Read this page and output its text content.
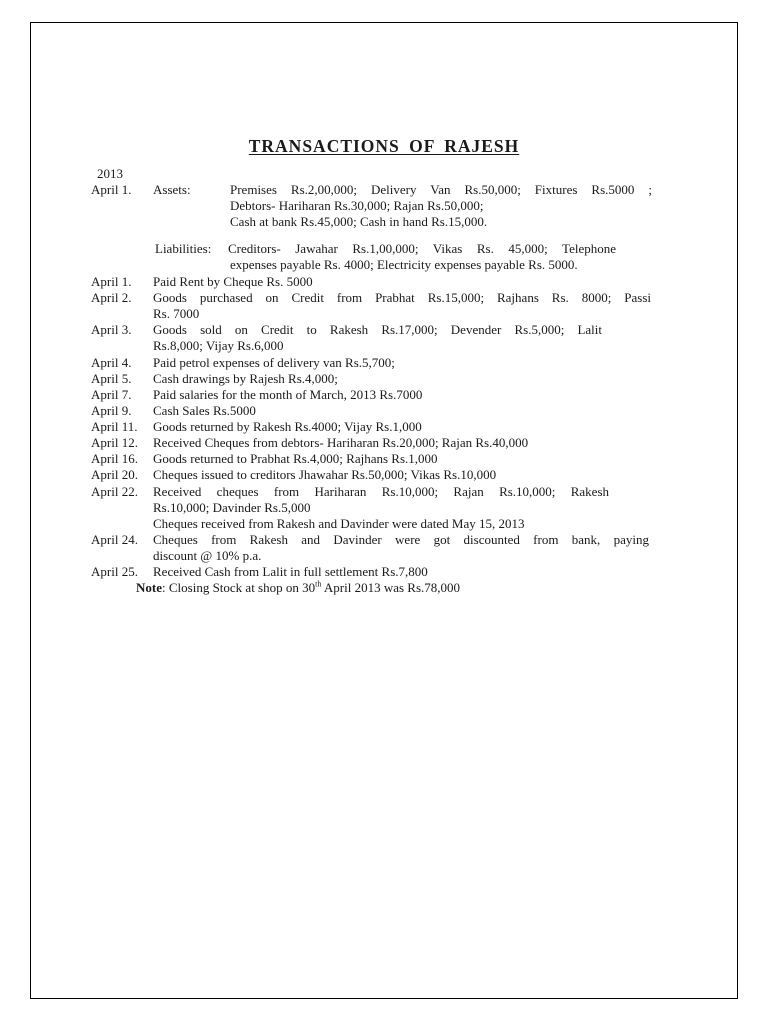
TRANSACTIONS OF RAJESH
2013
April 1. Assets:	Premises Rs.2,00,000; Delivery Van Rs.50,000; Fixtures Rs.5000 ;
Debtors- Hariharan Rs.30,000; Rajan Rs.50,000;
Cash at bank Rs.45,000; Cash in hand Rs.15,000.
Liabilities: Creditors- Jawahar Rs.1,00,000; Vikas Rs. 45,000; Telephone
expenses payable Rs. 4000; Electricity expenses payable Rs. 5000.
April 1. Paid Rent by Cheque Rs. 5000
April 2. Goods purchased on Credit from Prabhat Rs.15,000; Rajhans Rs. 8000; Passi
Rs. 7000
April 3. Goods sold on Credit to Rakesh Rs.17,000; Devender Rs.5,000; Lalit
Rs.8,000; Vijay Rs.6,000
April 4. Paid petrol expenses of delivery van Rs.5,700;
April 5. Cash drawings by Rajesh Rs.4,000;
April 7. Paid salaries for the month of March, 2013 Rs.7000
April 9. Cash Sales Rs.5000
April 11. Goods returned by Rakesh Rs.4000; Vijay Rs.1,000
April 12. Received Cheques from debtors- Hariharan Rs.20,000; Rajan Rs.40,000
April 16. Goods returned to Prabhat Rs.4,000; Rajhans Rs.1,000
April 20. Cheques issued to creditors Jhawahar Rs.50,000; Vikas Rs.10,000
April 22. Received cheques from Hariharan Rs.10,000; Rajan Rs.10,000; Rakesh
Rs.10,000; Davinder Rs.5,000
Cheques received from Rakesh and Davinder were dated May 15, 2013
April 24. Cheques from Rakesh and Davinder were got discounted from bank, paying
discount @ 10% p.a.
April 25. Received Cash from Lalit in full settlement Rs.7,800
Note: Closing Stock at shop on 30th April 2013 was Rs.78,000
